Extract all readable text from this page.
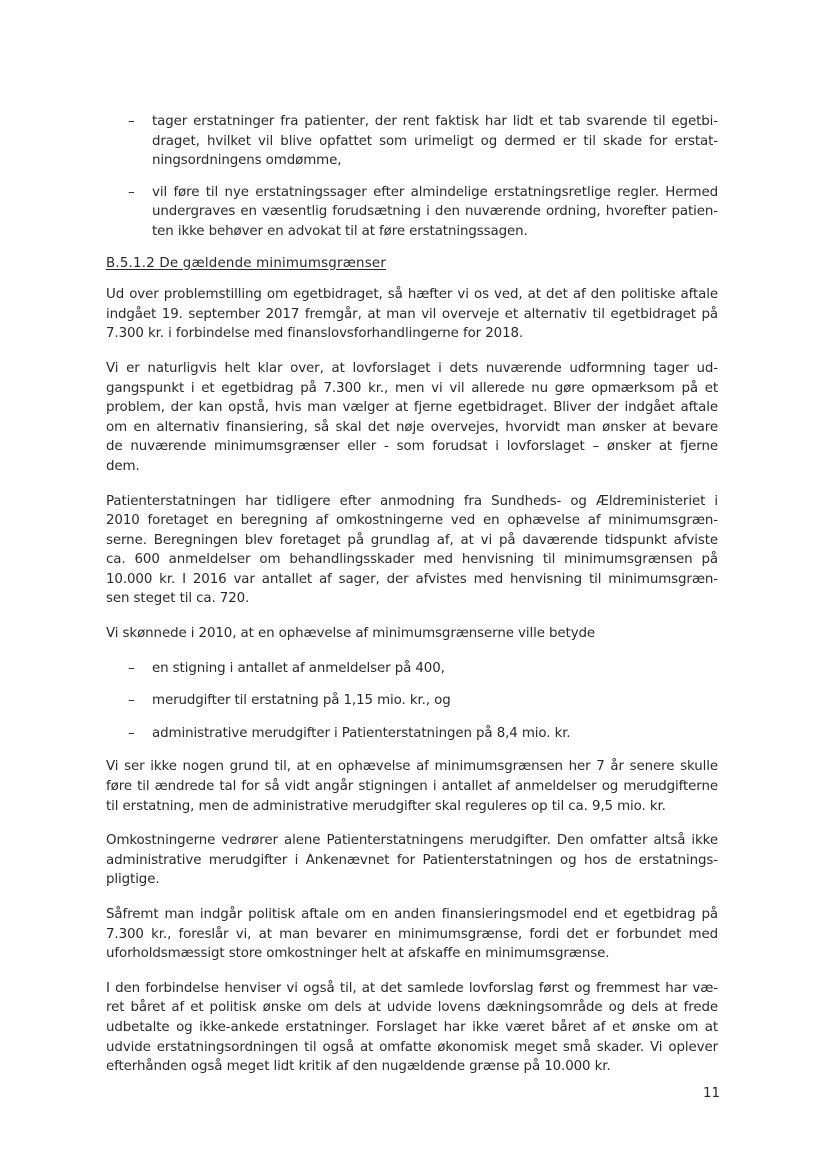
– tager erstatninger fra patienter, der rent faktisk har lidt et tab svarende til egetbi-
draget, hvilket vil blive opfattet som urimeligt og dermed er til skade for erstat-
ningsordningens omdømme,
– vil føre til nye erstatningssager efter almindelige erstatningsretlige regler. Hermed
undergraves en væsentlig forudsætning i den nuværende ordning, hvorefter patien-
ten ikke behøver en advokat til at føre erstatningssagen.
B.5.1.2 De gældende minimumsgrænser
Ud over problemstilling om egetbidraget, så hæfter vi os ved, at det af den politiske aftale
indgået 19. september 2017 fremgår, at man vil overveje et alternativ til egetbidraget på
7.300 kr. i forbindelse med finanslovsforhandlingerne for 2018.
Vi er naturligvis helt klar over, at lovforslaget i dets nuværende udformning tager ud-
gangspunkt i et egetbidrag på 7.300 kr., men vi vil allerede nu gøre opmærksom på et
problem, der kan opstå, hvis man vælger at fjerne egetbidraget. Bliver der indgået aftale
om en alternativ finansiering, så skal det nøje overvejes, hvorvidt man ønsker at bevare
de nuværende minimumsgrænser eller - som forudsat i lovforslaget – ønsker at fjerne
dem.
Patienterstatningen har tidligere efter anmodning fra Sundheds- og Ældreministeriet i
2010 foretaget en beregning af omkostningerne ved en ophævelse af minimumsgræn-
serne. Beregningen blev foretaget på grundlag af, at vi på daværende tidspunkt afviste
ca. 600 anmeldelser om behandlingsskader med henvisning til minimumsgrænsen på
10.000 kr. I 2016 var antallet af sager, der afvistes med henvisning til minimumsgræn-
sen steget til ca. 720.
Vi skønnede i 2010, at en ophævelse af minimumsgrænserne ville betyde
– en stigning i antallet af anmeldelser på 400,
– merudgifter til erstatning på 1,15 mio. kr., og
– administrative merudgifter i Patienterstatningen på 8,4 mio. kr.
Vi ser ikke nogen grund til, at en ophævelse af minimumsgrænsen her 7 år senere skulle
føre til ændrede tal for så vidt angår stigningen i antallet af anmeldelser og merudgifterne
til erstatning, men de administrative merudgifter skal reguleres op til ca. 9,5 mio. kr.
Omkostningerne vedrører alene Patienterstatningens merudgifter. Den omfatter altså ikke
administrative merudgifter i Ankenævnet for Patienterstatningen og hos de erstatnings-
pligtige.
Såfremt man indgår politisk aftale om en anden finansieringsmodel end et egetbidrag på
7.300 kr., foreslår vi, at man bevarer en minimumsgrænse, fordi det er forbundet med
uforholdsmæssigt store omkostninger helt at afskaffe en minimumsgrænse.
I den forbindelse henviser vi også til, at det samlede lovforslag først og fremmest har væ-
ret båret af et politisk ønske om dels at udvide lovens dækningsområde og dels at frede
udbetalte og ikke-ankede erstatninger. Forslaget har ikke været båret af et ønske om at
udvide erstatningsordningen til også at omfatte økonomisk meget små skader. Vi oplever
efterhånden også meget lidt kritik af den nugældende grænse på 10.000 kr.
11
